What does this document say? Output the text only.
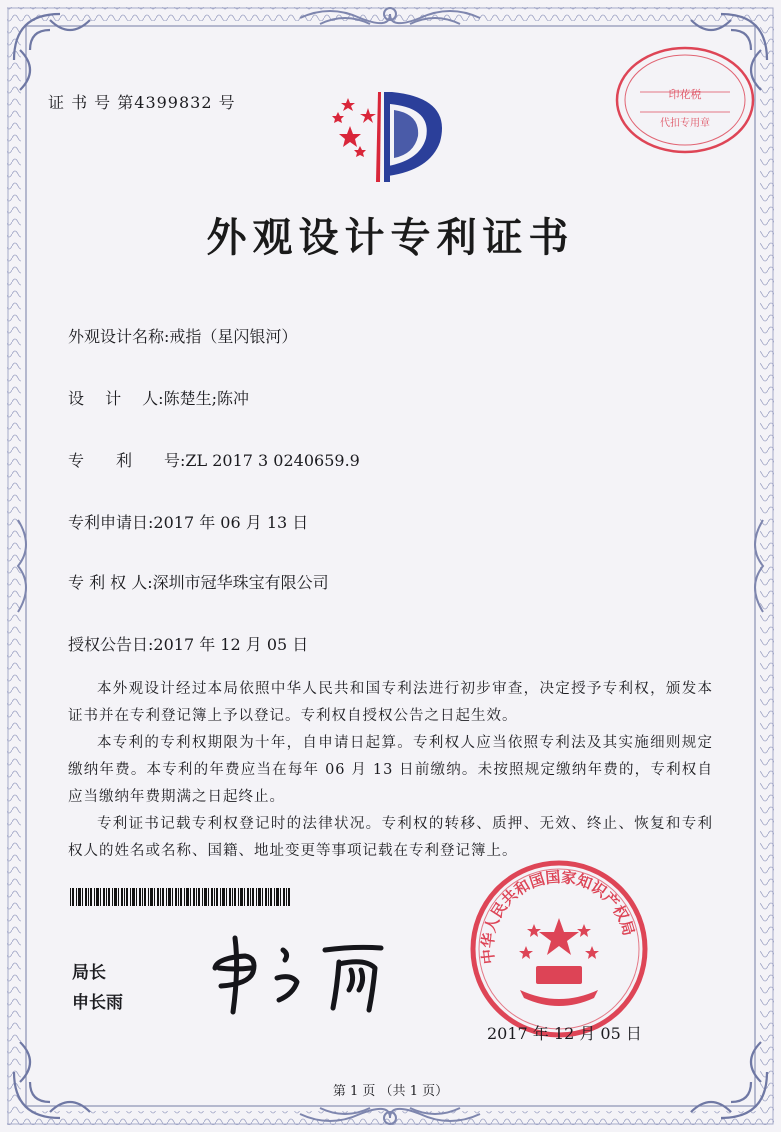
印花税
代扣专用章
证 书 号 第4399832 号
外观设计专利证书
外观设计名称:戒指（星闪银河）
设　 计　 人:陈楚生;陈冲
专　　利　　号:ZL 2017 3 0240659.9
专利申请日:2017 年 06 月 13 日
专 利 权 人:深圳市冠华珠宝有限公司
授权公告日:2017 年 12 月 05 日

本外观设计经过本局依照中华人民共和国专利法进行初步审查，决定授予专利权，颁发本证书并在专利登记簿上予以登记。专利权自授权公告之日起生效。

本专利的专利权期限为十年，自申请日起算。专利权人应当依照专利法及其实施细则规定缴纳年费。本专利的年费应当在每年 06 月 13 日前缴纳。未按照规定缴纳年费的，专利权自应当缴纳年费期满之日起终止。

专利证书记载专利权登记时的法律状况。专利权的转移、质押、无效、终止、恢复和专利权人的姓名或名称、国籍、地址变更等事项记载在专利登记簿上。

局长
申长雨
中华人民共和国国家知识产权局
2017 年 12 月 05 日
第 1 页 （共 1 页）
